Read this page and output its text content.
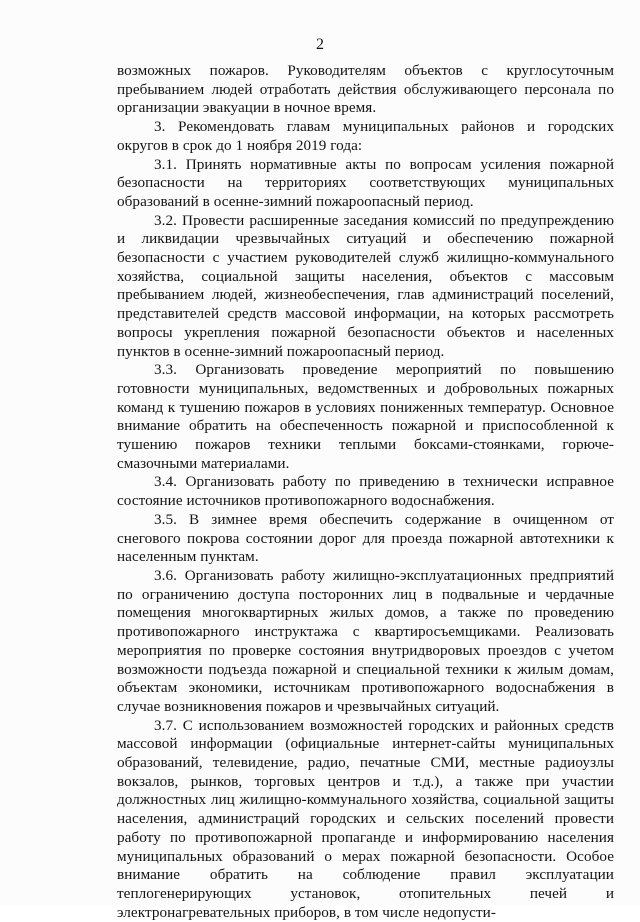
2

возможных пожаров. Руководителям объектов с круглосуточным пребыванием людей отработать действия обслуживающего персонала по организации эвакуации в ночное время.

3. Рекомендовать главам муниципальных районов и городских округов в срок до 1 ноября 2019 года:

3.1. Принять нормативные акты по вопросам усиления пожарной безопасности на территориях соответствующих муниципальных образований в осенне-зимний пожароопасный период.

3.2. Провести расширенные заседания комиссий по предупреждению и ликвидации чрезвычайных ситуаций и обеспечению пожарной безопасности с участием руководителей служб жилищно-коммунального хозяйства, социальной защиты населения, объектов с массовым пребыванием людей, жизнеобеспечения, глав администраций поселений, представителей средств массовой информации, на которых рассмотреть вопросы укрепления пожарной безопасности объектов и населенных пунктов в осенне-зимний пожароопасный период.

3.3. Организовать проведение мероприятий по повышению готовности муниципальных, ведомственных и добровольных пожарных команд к тушению пожаров в условиях пониженных температур. Основное внимание обратить на обеспеченность пожарной и приспособленной к тушению пожаров техники теплыми боксами-стоянками, горюче-смазочными материалами.

3.4. Организовать работу по приведению в технически исправное состояние источников противопожарного водоснабжения.

3.5. В зимнее время обеспечить содержание в очищенном от снегового покрова состоянии дорог для проезда пожарной автотехники к населенным пунктам.

3.6. Организовать работу жилищно-эксплуатационных предприятий по ограничению доступа посторонних лиц в подвальные и чердачные помещения многоквартирных жилых домов, а также по проведению противопожарного инструктажа с квартиросъемщиками. Реализовать мероприятия по проверке состояния внутридворовых проездов с учетом возможности подъезда пожарной и специальной техники к жилым домам, объектам экономики, источникам противопожарного водоснабжения в случае возникновения пожаров и чрезвычайных ситуаций.

3.7. С использованием возможностей городских и районных средств массовой информации (официальные интернет-сайты муниципальных образований, телевидение, радио, печатные СМИ, местные радиоузлы вокзалов, рынков, торговых центров и т.д.), а также при участии должностных лиц жилищно-коммунального хозяйства, социальной защиты населения, администраций городских и сельских поселений провести работу по противопожарной пропаганде и информированию населения муниципальных образований о мерах пожарной безопасности. Особое внимание обратить на соблюдение правил эксплуатации теплогенерирующих установок, отопительных печей и электронагревательных приборов, в том числе недопусти-
